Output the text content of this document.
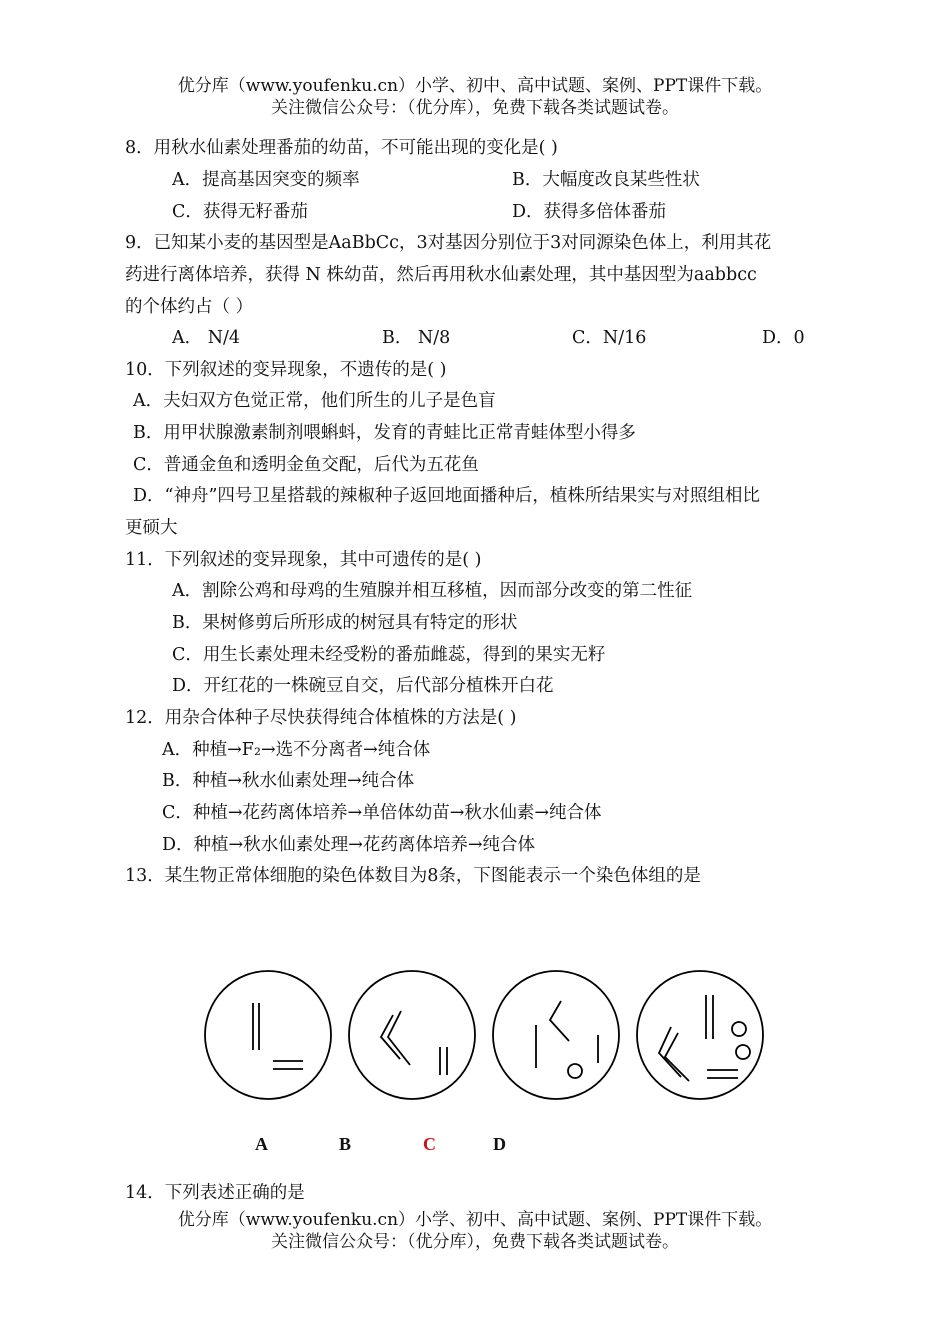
优分库（www.youfenku.cn）小学、初中、高中试题、案例、PPT课件下载。
关注微信公众号：（优分库），免费下载各类试题试卷。
8．用秋水仙素处理番茄的幼苗，不可能出现的变化是( )
A．提高基因突变的频率	B．大幅度改良某些性状
C．获得无籽番茄	D．获得多倍体番茄
9．已知某小麦的基因型是AaBbCc，3对基因分别位于3对同源染色体上，利用其花
药进行离体培养，获得 N 株幼苗，然后再用秋水仙素处理，其中基因型为aabbcc
的个体约占（ ）
A． N/4	B． N/8	C．N/16	D．0
10．下列叙述的变异现象，不遗传的是( )
A．夫妇双方色觉正常，他们所生的儿子是色盲
B．用甲状腺激素制剂喂蝌蚪，发育的青蛙比正常青蛙体型小得多
C．普通金鱼和透明金鱼交配，后代为五花鱼
D．“神舟”四号卫星搭载的辣椒种子返回地面播种后，植株所结果实与对照组相比
更硕大
11．下列叙述的变异现象，其中可遗传的是( )
A．割除公鸡和母鸡的生殖腺并相互移植，因而部分改变的第二性征
B．果树修剪后所形成的树冠具有特定的形状
C．用生长素处理未经受粉的番茄雌蕊，得到的果实无籽
D．开红花的一株碗豆自交，后代部分植株开白花
12．用杂合体种子尽快获得纯合体植株的方法是( )
A．种植→F₂→选不分离者→纯合体
B．种植→秋水仙素处理→纯合体
C．种植→花药离体培养→单倍体幼苗→秋水仙素→纯合体
D．种植→秋水仙素处理→花药离体培养→纯合体
13．某生物正常体细胞的染色体数目为8条，下图能表示一个染色体组的是
A	B	C	D
14．下列表述正确的是
优分库（www.youfenku.cn）小学、初中、高中试题、案例、PPT课件下载。
关注微信公众号：（优分库），免费下载各类试题试卷。
